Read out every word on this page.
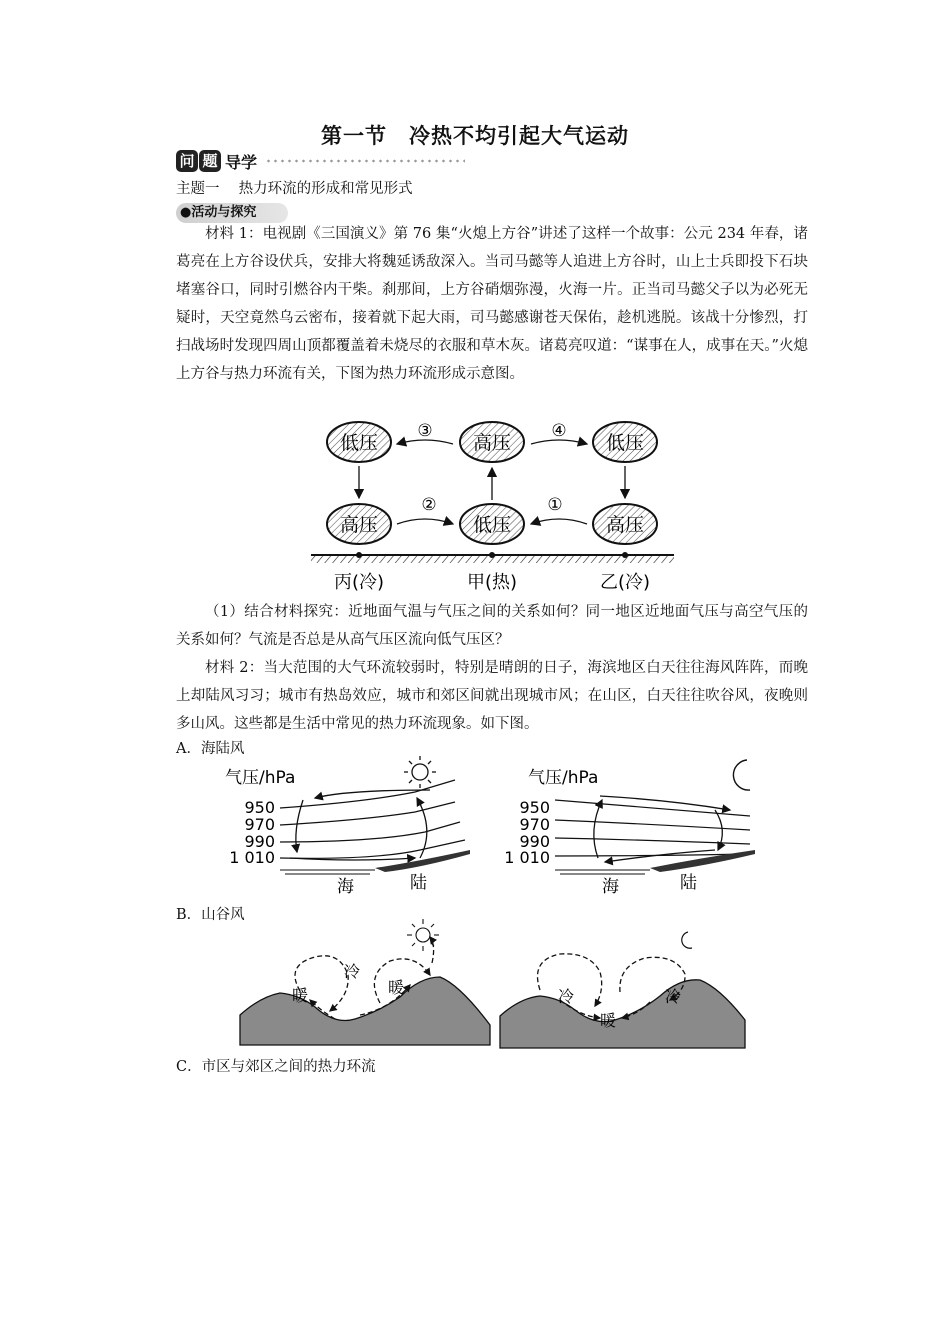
第一节　冷热不均引起大气运动
问 题 导学
主题一　 热力环流的形成和常见形式
●活动与探究

材料 1：电视剧《三国演义》第 76 集“火熄上方谷”讲述了这样一个故事：公元 234 年春，诸葛亮在上方谷设伏兵，安排大将魏延诱敌深入。当司马懿等人追进上方谷时，山上士兵即投下石块堵塞谷口，同时引燃谷内干柴。刹那间，上方谷硝烟弥漫，火海一片。正当司马懿父子以为必死无疑时，天空竟然乌云密布，接着就下起大雨，司马懿感谢苍天保佑，趁机逃脱。该战十分惨烈，打扫战场时发现四周山顶都覆盖着未烧尽的衣服和草木灰。诸葛亮叹道：“谋事在人，成事在天。”火熄上方谷与热力环流有关，下图为热力环流形成示意图。

低压	高压	低压
高压	低压	高压
③	④
②	①
丙(冷)	甲(热)	乙(冷)

（1）结合材料探究：近地面气温与气压之间的关系如何？同一地区近地面气压与高空气压的关系如何？气流是否总是从高气压区流向低气压区？

材料 2：当大范围的大气环流较弱时，特别是晴朗的日子，海滨地区白天往往海风阵阵，而晚上却陆风习习；城市有热岛效应，城市和郊区间就出现城市风；在山区，白天往往吹谷风，夜晚则多山风。这些都是生活中常见的热力环流现象。如下图。

A．海陆风
气压/hPa
950
970
990
1 010
海	陆
气压/hPa
950
970
990
1 010
海	陆
B．山谷风
冷
暖	暖	冷	冷
暖
C．市区与郊区之间的热力环流
